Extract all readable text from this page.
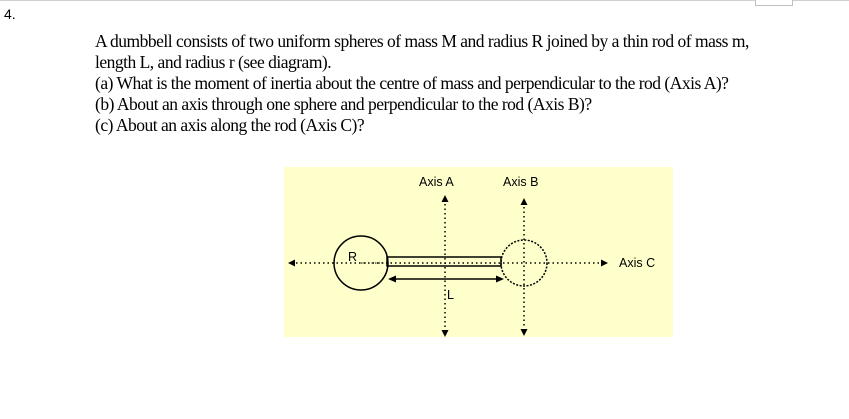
4.
A dumbbell consists of two uniform spheres of mass M and radius R joined by a thin rod of mass m,
length L, and radius r (see diagram).
(a) What is the moment of inertia about the centre of mass and perpendicular to the rod (Axis A)?
(b) About an axis through one sphere and perpendicular to the rod (Axis B)?
(c) About an axis along the rod (Axis C)?
Axis A	Axis B
Axis C
R
L
